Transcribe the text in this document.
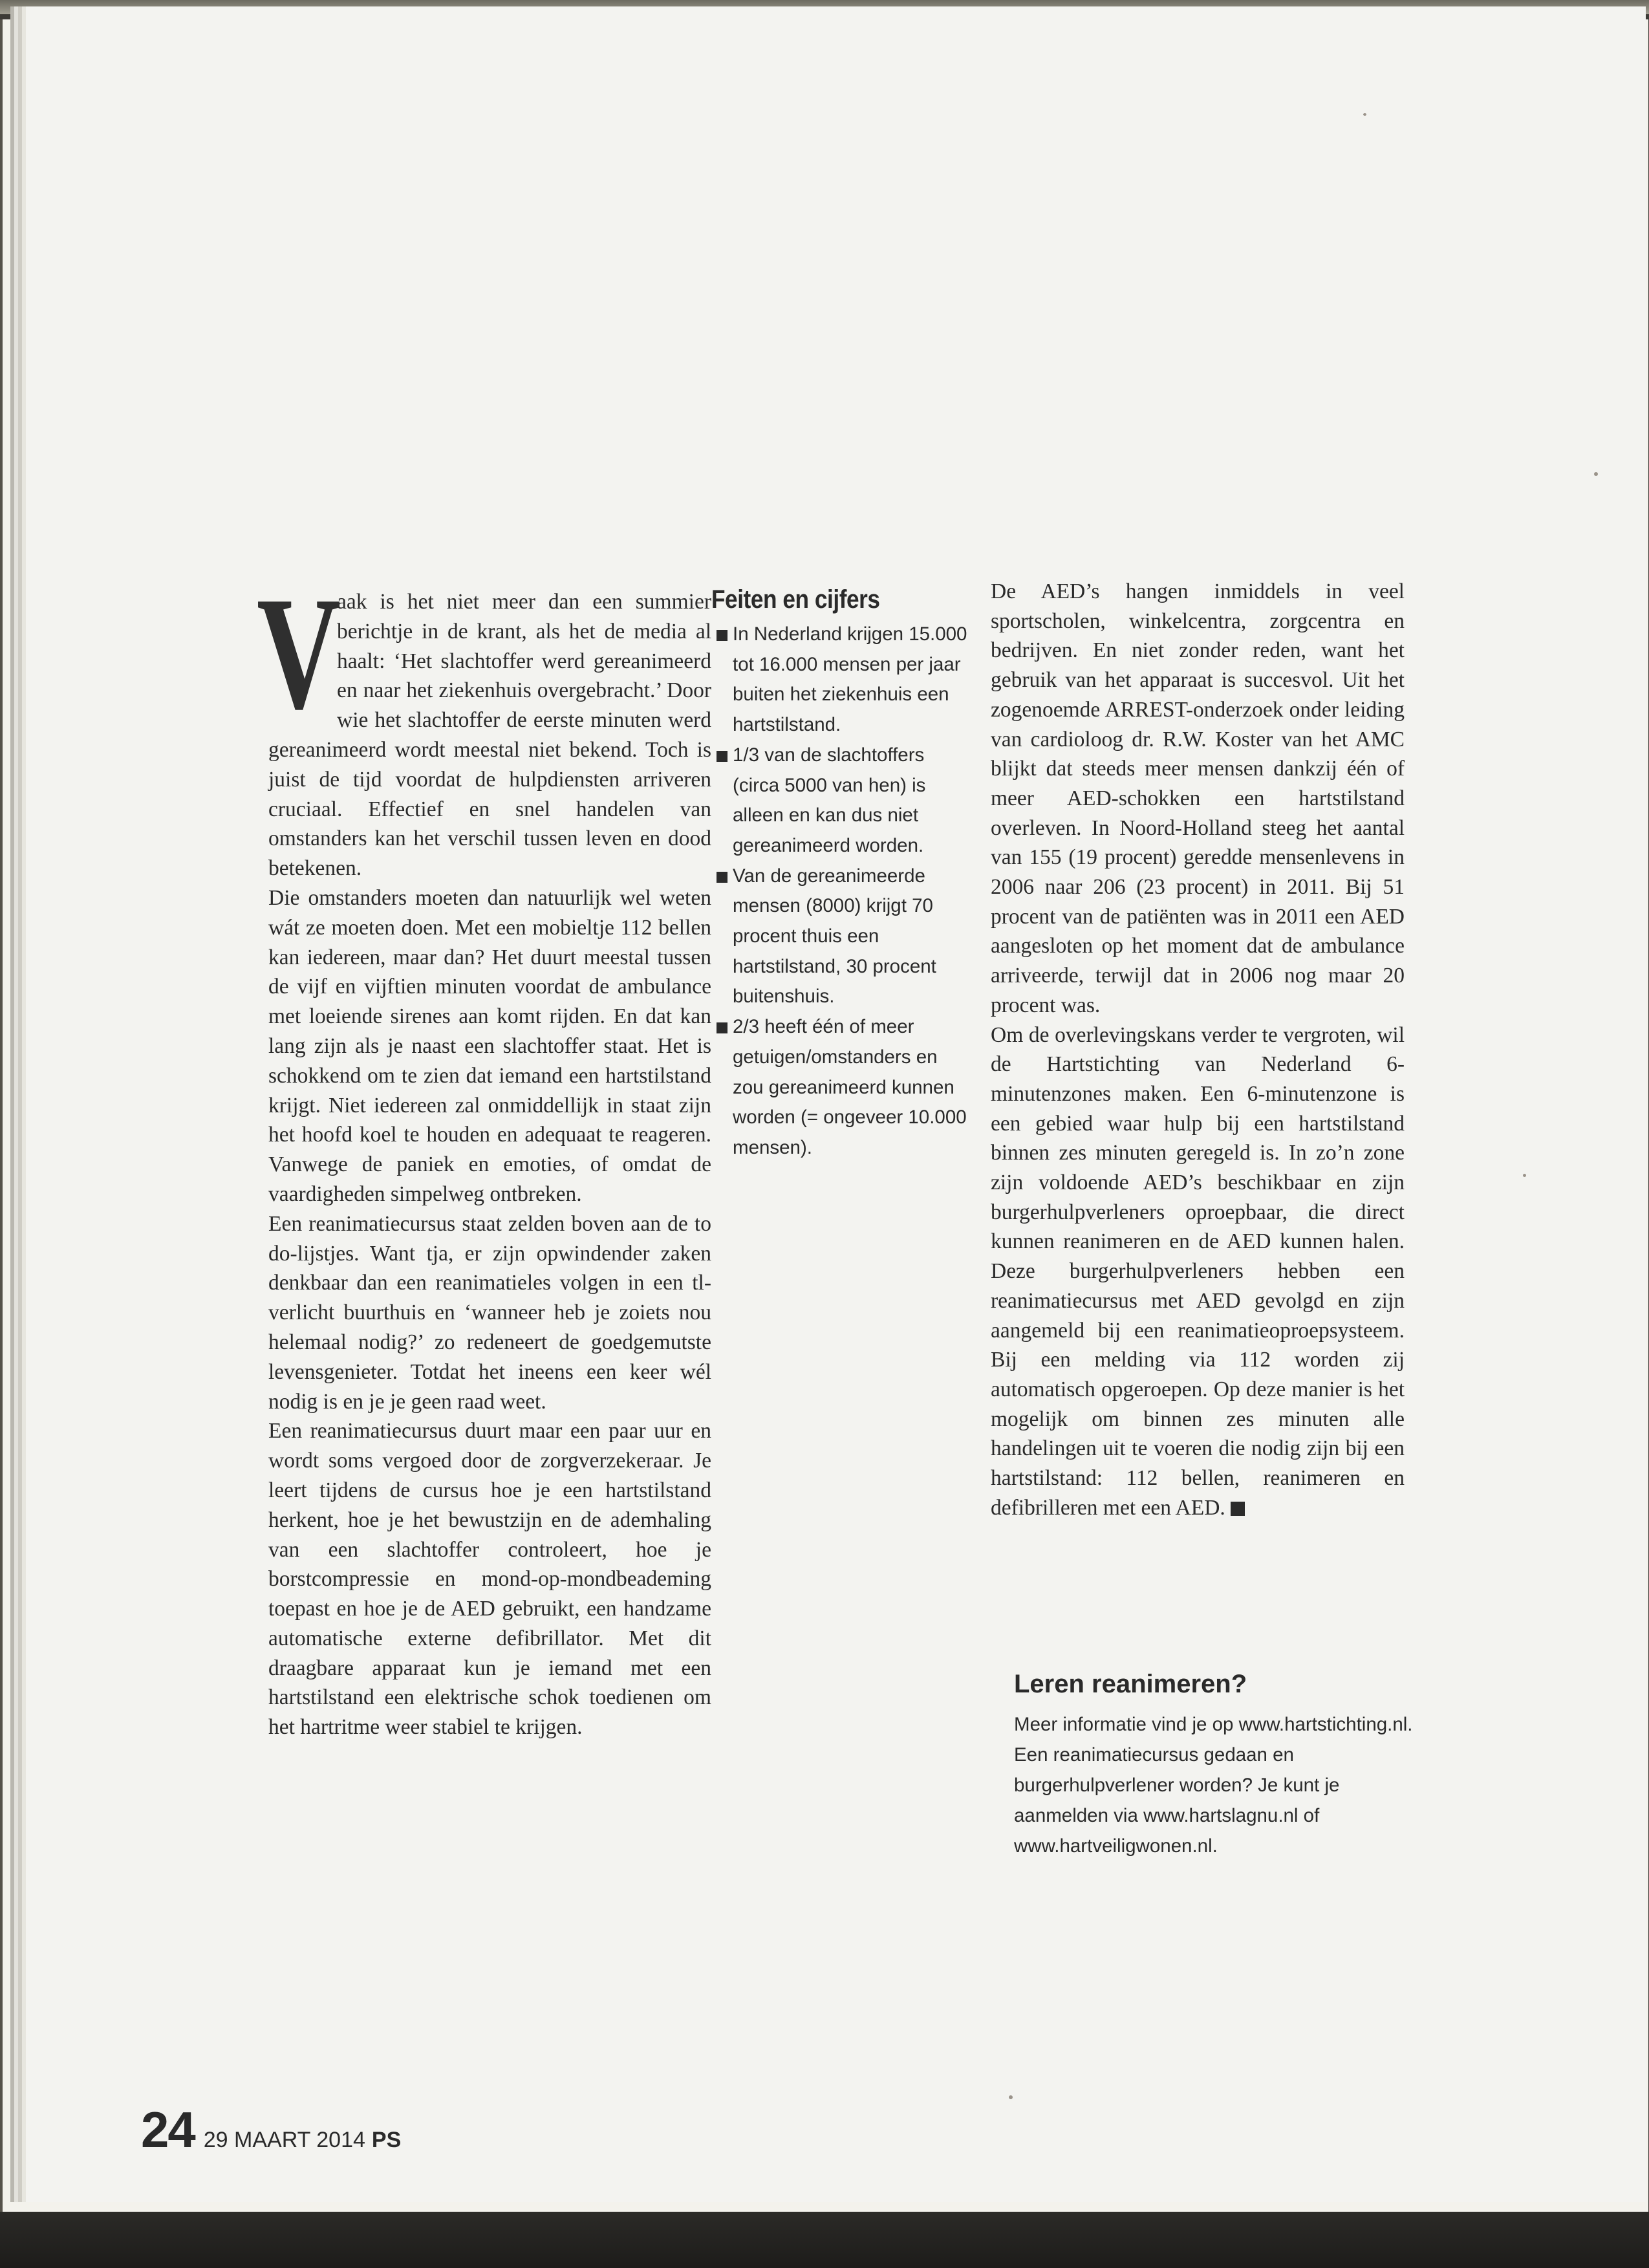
V

aak is het niet meer dan een summier berichtje in de krant, als het de media al haalt: ‘Het slachtoffer werd gereanimeerd en naar het ziekenhuis overgebracht.’ Door wie het slachtoffer de eerste minuten werd gereanimeerd wordt meestal niet bekend. Toch is juist de tijd voordat de hulpdiensten arriveren cruciaal. Effectief en snel handelen van omstanders kan het verschil tussen leven en dood betekenen.

Die omstanders moeten dan natuurlijk wel weten wát ze moeten doen. Met een mobieltje 112 bellen kan iedereen, maar dan? Het duurt meestal tussen de vijf en vijftien minuten voordat de ambulance met loeiende sirenes aan komt rijden. En dat kan lang zijn als je naast een slachtoffer staat. Het is schokkend om te zien dat iemand een hartstilstand krijgt. Niet iedereen zal onmiddellijk in staat zijn het hoofd koel te houden en adequaat te reageren. Vanwege de paniek en emoties, of omdat de vaardigheden simpelweg ontbreken.

Een reanimatiecursus staat zelden boven aan de to do-lijstjes. Want tja, er zijn opwindender zaken denkbaar dan een reanimatieles volgen in een tl-verlicht buurthuis en ‘wanneer heb je zoiets nou helemaal nodig?’ zo redeneert de goedgemutste levensgenieter. Totdat het ineens een keer wél nodig is en je je geen raad weet.

Een reanimatiecursus duurt maar een paar uur en wordt soms vergoed door de zorgverzekeraar. Je leert tijdens de cursus hoe je een hartstilstand herkent, hoe je het bewustzijn en de ademhaling van een slachtoffer controleert, hoe je borstcompressie en mond-op-mondbeademing toepast en hoe je de AED gebruikt, een handzame automatische externe defibrillator. Met dit draagbare apparaat kun je iemand met een hartstilstand een elektrische schok toedienen om het hartritme weer stabiel te krijgen.

Feiten en cijfers
In Nederland krijgen 15.000 tot 16.000 mensen per jaar buiten het ziekenhuis een hartstilstand.
1/3 van de slachtoffers (circa 5000 van hen) is alleen en kan dus niet gereanimeerd worden.
Van de gereanimeerde mensen (8000) krijgt 70 procent thuis een hartstilstand, 30 procent buitenshuis.
2/3 heeft één of meer getuigen/omstanders en zou gereanimeerd kunnen worden (= ongeveer 10.000 mensen).

De AED’s hangen inmiddels in veel sportscholen, winkelcentra, zorgcentra en bedrijven. En niet zonder reden, want het gebruik van het apparaat is succesvol. Uit het zogenoemde ARREST-onderzoek onder leiding van cardioloog dr. R.W. Koster van het AMC blijkt dat steeds meer mensen dankzij één of meer AED-schokken een hartstilstand overleven. In Noord-Holland steeg het aantal van 155 (19 procent) geredde mensenlevens in 2006 naar 206 (23 procent) in 2011. Bij 51 procent van de patiënten was in 2011 een AED aangesloten op het moment dat de ambulance arriveerde, terwijl dat in 2006 nog maar 20 procent was.

Om de overlevingskans verder te vergroten, wil de Hartstichting van Nederland 6-minutenzones maken. Een 6-minutenzone is een gebied waar hulp bij een hartstilstand binnen zes minuten geregeld is. In zo’n zone zijn voldoende AED’s beschikbaar en zijn burgerhulpverleners oproepbaar, die direct kunnen reanimeren en de AED kunnen halen. Deze burgerhulpverleners hebben een reanimatiecursus met AED gevolgd en zijn aangemeld bij een reanimatieoproepsysteem. Bij een melding via 112 worden zij automatisch opgeroepen. Op deze manier is het mogelijk om binnen zes minuten alle handelingen uit te voeren die nodig zijn bij een hartstilstand: 112 bellen, reanimeren en defibrilleren met een AED.

Leren reanimeren?

Meer informatie vind je op www.hartstichting.nl. Een reanimatiecursus gedaan en burgerhulpverlener worden? Je kunt je aanmelden via www.hartslagnu.nl of www.hartveiligwonen.nl.

24 29 MAART 2014 PS
